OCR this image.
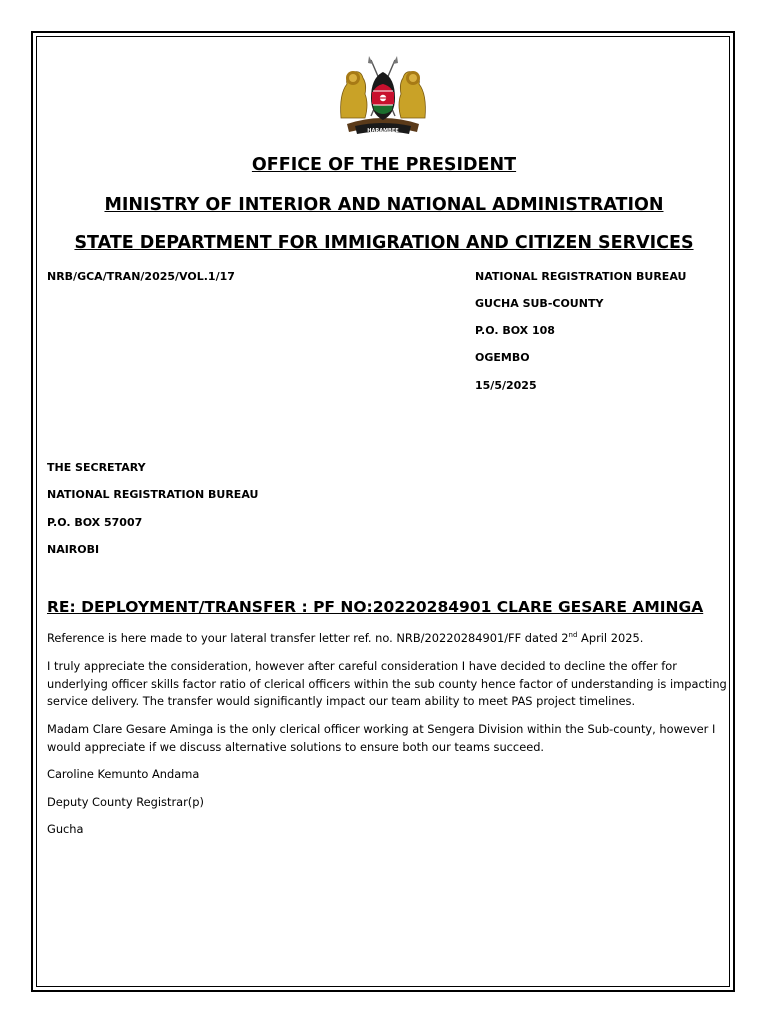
HARAMBEE
OFFICE OF THE PRESIDENT
MINISTRY OF INTERIOR AND NATIONAL ADMINISTRATION
STATE DEPARTMENT FOR IMMIGRATION AND CITIZEN SERVICES
NRB/GCA/TRAN/2025/VOL.1/17	NATIONAL REGISTRATION BUREAU
GUCHA SUB-COUNTY
P.O. BOX 108
OGEMBO
15/5/2025
THE SECRETARY
NATIONAL REGISTRATION BUREAU
P.O. BOX 57007
NAIROBI
RE: DEPLOYMENT/TRANSFER : PF NO:20220284901 CLARE GESARE AMINGA
Reference is here made to your lateral transfer letter ref. no. NRB/20220284901/FF dated 2nd April 2025.
I truly appreciate the consideration, however after careful consideration I have decided to decline the offer for underlying officer skills factor ratio of clerical officers within the sub county hence factor of understanding is impacting service delivery. The transfer would significantly impact our team ability to meet PAS project timelines.
Madam Clare Gesare Aminga is the only clerical officer working at Sengera Division within the Sub-county, however I would appreciate if we discuss alternative solutions to ensure both our teams succeed.
Caroline Kemunto Andama
Deputy County Registrar(p)
Gucha
